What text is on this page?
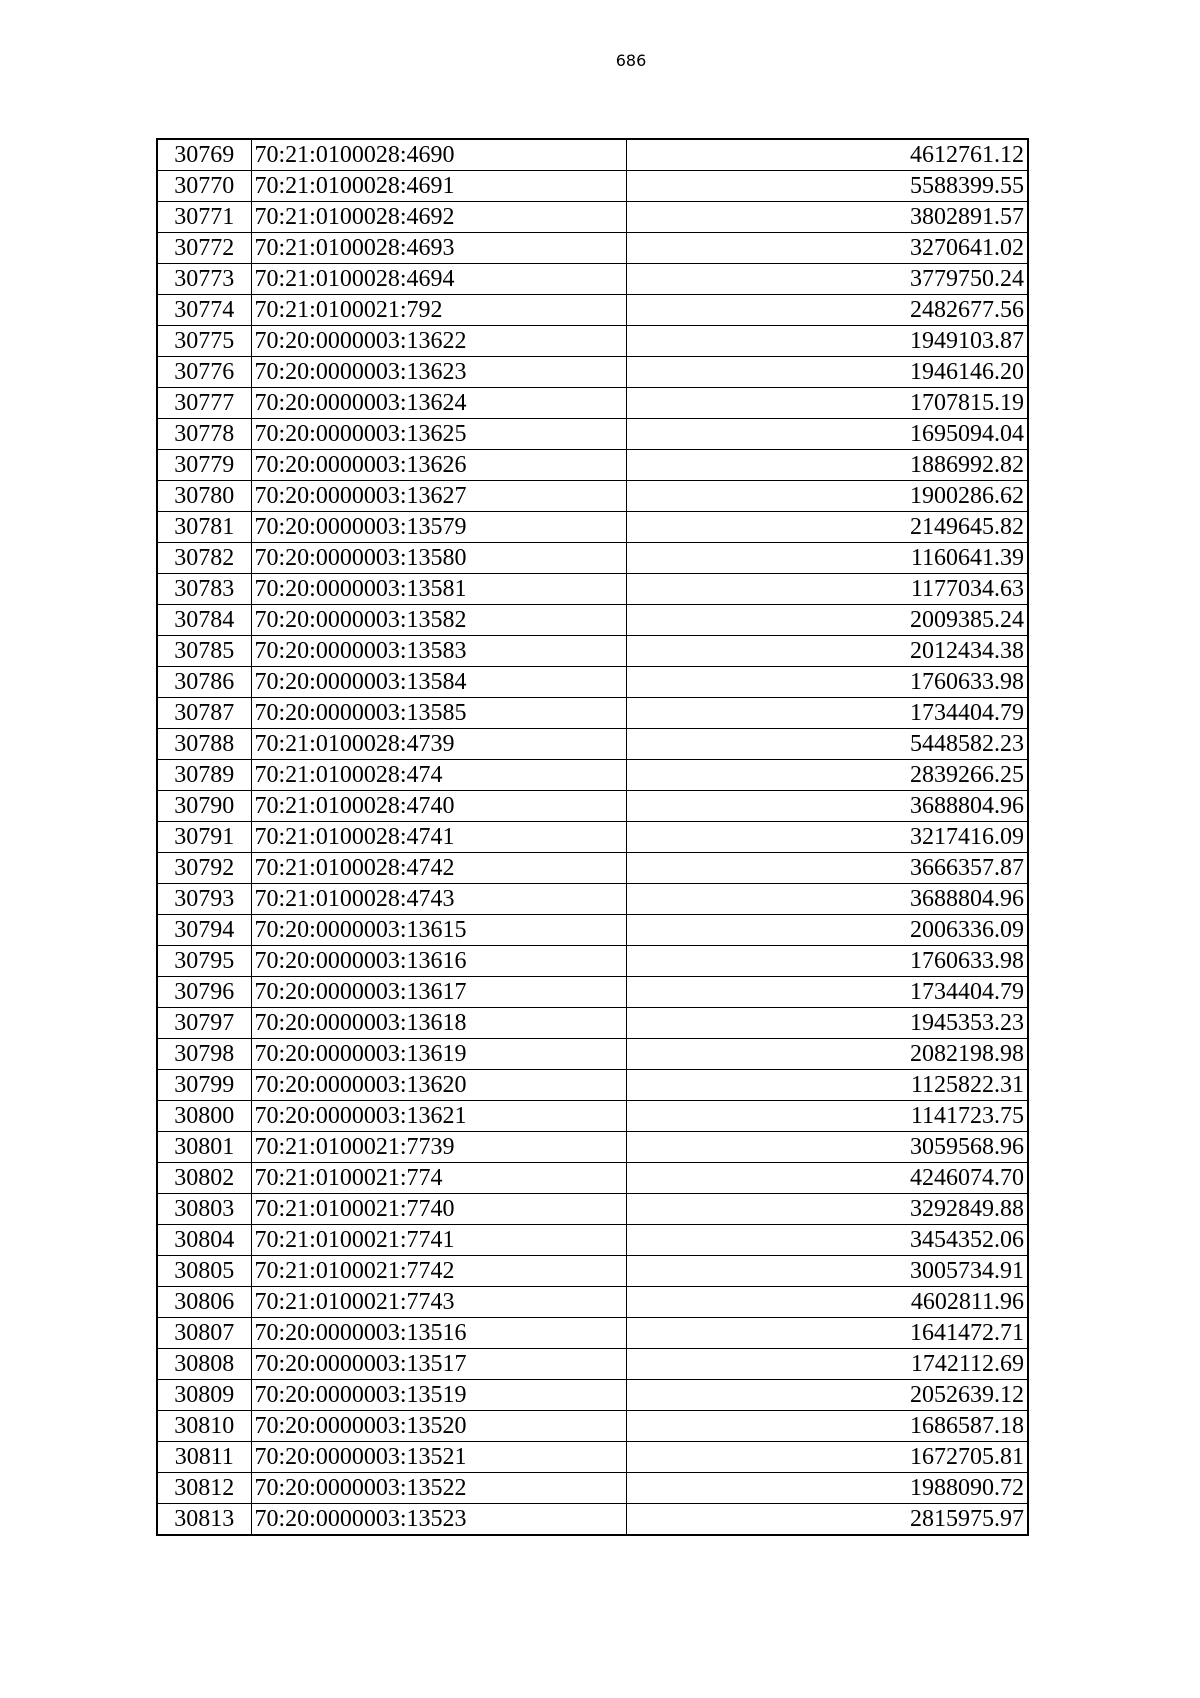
686
30769	70:21:0100028:4690	4612761.12
30770	70:21:0100028:4691	5588399.55
30771	70:21:0100028:4692	3802891.57
30772	70:21:0100028:4693	3270641.02
30773	70:21:0100028:4694	3779750.24
30774	70:21:0100021:792	2482677.56
30775	70:20:0000003:13622	1949103.87
30776	70:20:0000003:13623	1946146.20
30777	70:20:0000003:13624	1707815.19
30778	70:20:0000003:13625	1695094.04
30779	70:20:0000003:13626	1886992.82
30780	70:20:0000003:13627	1900286.62
30781	70:20:0000003:13579	2149645.82
30782	70:20:0000003:13580	1160641.39
30783	70:20:0000003:13581	1177034.63
30784	70:20:0000003:13582	2009385.24
30785	70:20:0000003:13583	2012434.38
30786	70:20:0000003:13584	1760633.98
30787	70:20:0000003:13585	1734404.79
30788	70:21:0100028:4739	5448582.23
30789	70:21:0100028:474	2839266.25
30790	70:21:0100028:4740	3688804.96
30791	70:21:0100028:4741	3217416.09
30792	70:21:0100028:4742	3666357.87
30793	70:21:0100028:4743	3688804.96
30794	70:20:0000003:13615	2006336.09
30795	70:20:0000003:13616	1760633.98
30796	70:20:0000003:13617	1734404.79
30797	70:20:0000003:13618	1945353.23
30798	70:20:0000003:13619	2082198.98
30799	70:20:0000003:13620	1125822.31
30800	70:20:0000003:13621	1141723.75
30801	70:21:0100021:7739	3059568.96
30802	70:21:0100021:774	4246074.70
30803	70:21:0100021:7740	3292849.88
30804	70:21:0100021:7741	3454352.06
30805	70:21:0100021:7742	3005734.91
30806	70:21:0100021:7743	4602811.96
30807	70:20:0000003:13516	1641472.71
30808	70:20:0000003:13517	1742112.69
30809	70:20:0000003:13519	2052639.12
30810	70:20:0000003:13520	1686587.18
30811	70:20:0000003:13521	1672705.81
30812	70:20:0000003:13522	1988090.72
30813	70:20:0000003:13523	2815975.97
